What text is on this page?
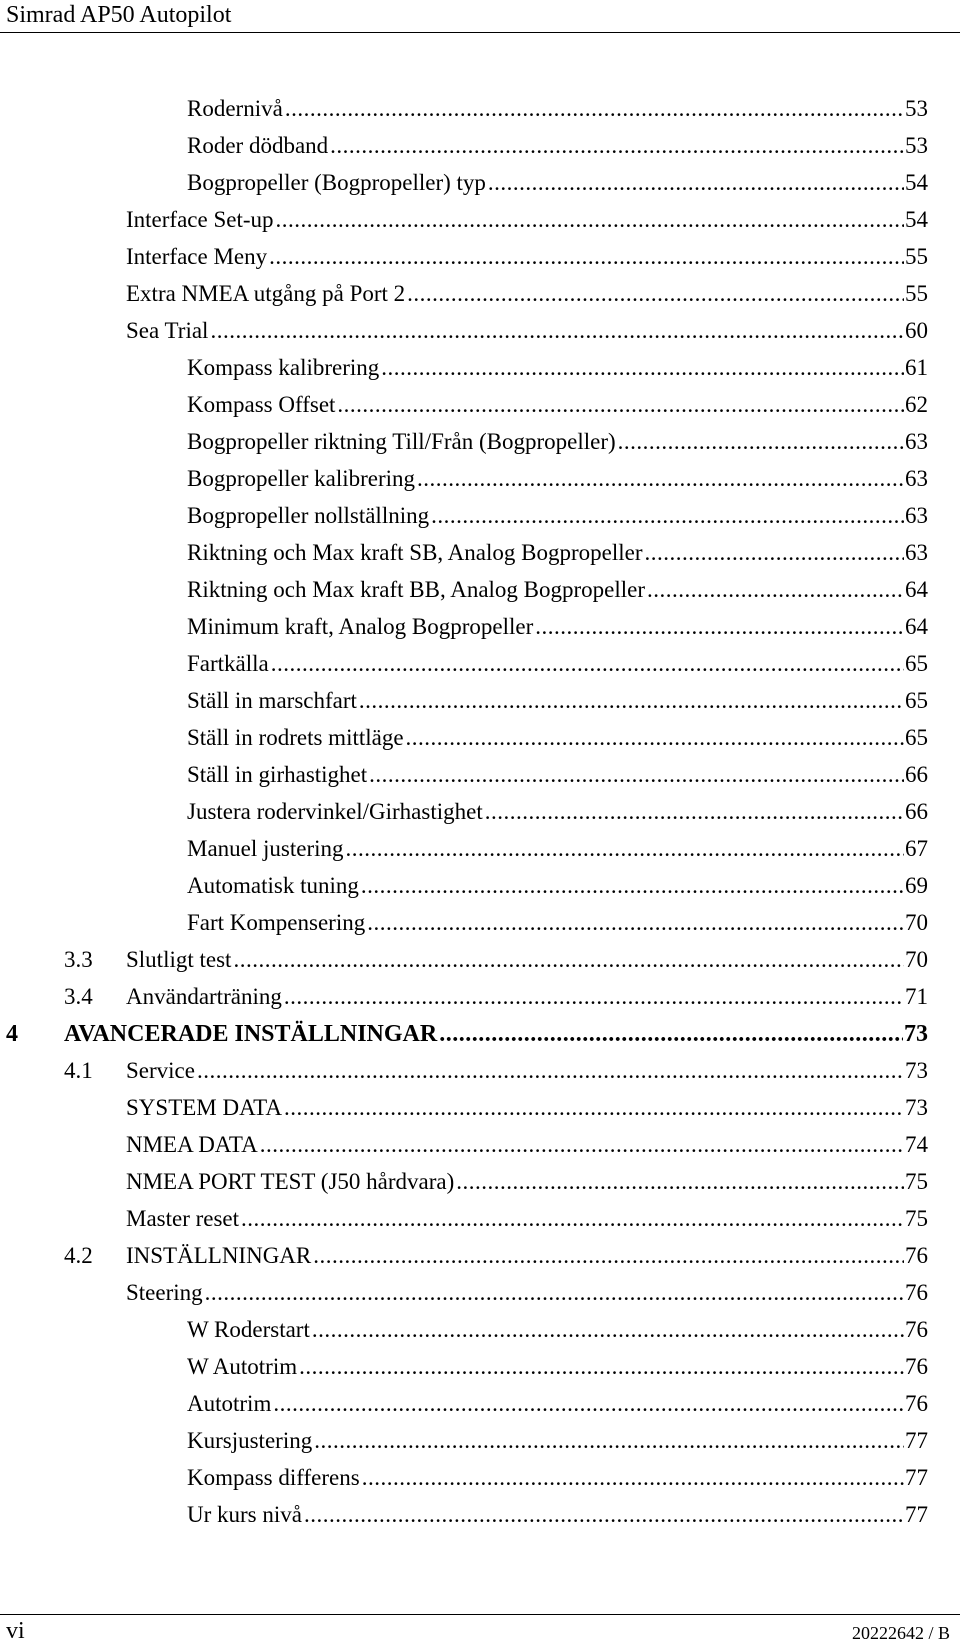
Simrad AP50 Autopilot
Rodernivå .....	53
Roder dödband .....	53
Bogpropeller (Bogpropeller) typ .....	54
Interface Set-up .....	54
Interface Meny .....	55
Extra NMEA utgång på Port 2 .....	55
Sea Trial .....	60
Kompass kalibrering .....	61
Kompass Offset .....	62
Bogpropeller riktning Till/Från (Bogpropeller) .....	63
Bogpropeller kalibrering .....	63
Bogpropeller nollställning .....	63
Riktning och Max kraft SB, Analog Bogpropeller .....	63
Riktning och Max kraft BB, Analog Bogpropeller .....	64
Minimum kraft, Analog Bogpropeller .....	64
Fartkälla .....	65
Ställ in marschfart .....	65
Ställ in rodrets mittläge .....	65
Ställ in girhastighet .....	66
Justera rodervinkel/Girhastighet .....	66
Manuel justering .....	67
Automatisk tuning .....	69
Fart Kompensering .....	70
3.3 Slutligt test .....	70
3.4 Användarträning .....	71
4 AVANCERADE INSTÄLLNINGAR .....	73
4.1 Service .....	73
SYSTEM DATA .....	73
NMEA DATA .....	74
NMEA PORT TEST (J50 hårdvara) .....	75
Master reset .....	75
4.2 INSTÄLLNINGAR .....	76
Steering .....	76
W Roderstart .....	76
W Autotrim .....	76
Autotrim .....	76
Kursjustering .....	77
Kompass differens .....	77
Ur kurs nivå .....	77
vi	20222642 / B
